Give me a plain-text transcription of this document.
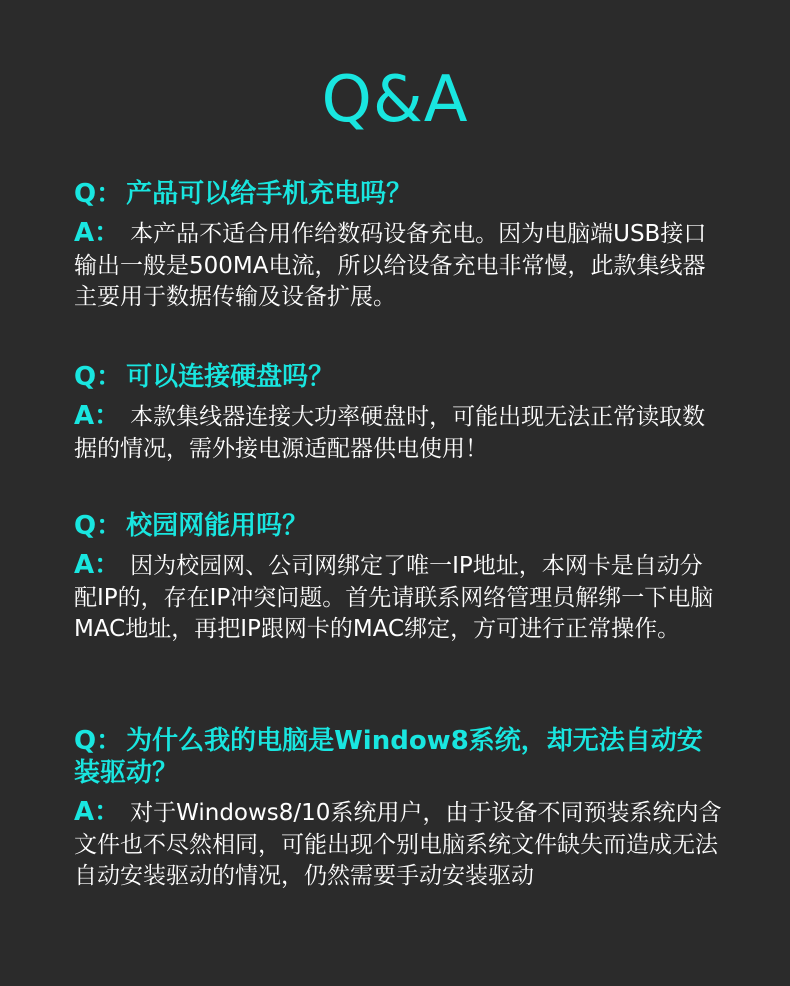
Q&A
Q： 产品可以给手机充电吗？
A： 本产品不适合用作给数码设备充电。因为电脑端USB接口输出一般是500MA电流，所以给设备充电非常慢，此款集线器主要用于数据传输及设备扩展。
Q： 可以连接硬盘吗？
A： 本款集线器连接大功率硬盘时，可能出现无法正常读取数据的情况，需外接电源适配器供电使用！
Q： 校园网能用吗？
A： 因为校园网、公司网绑定了唯一IP地址，本网卡是自动分配IP的，存在IP冲突问题。首先请联系网络管理员解绑一下电脑MAC地址，再把IP跟网卡的MAC绑定，方可进行正常操作。
Q： 为什么我的电脑是Window8系统，却无法自动安装驱动？
A： 对于Windows8/10系统用户，由于设备不同预装系统内含文件也不尽然相同，可能出现个别电脑系统文件缺失而造成无法自动安装驱动的情况，仍然需要手动安装驱动
